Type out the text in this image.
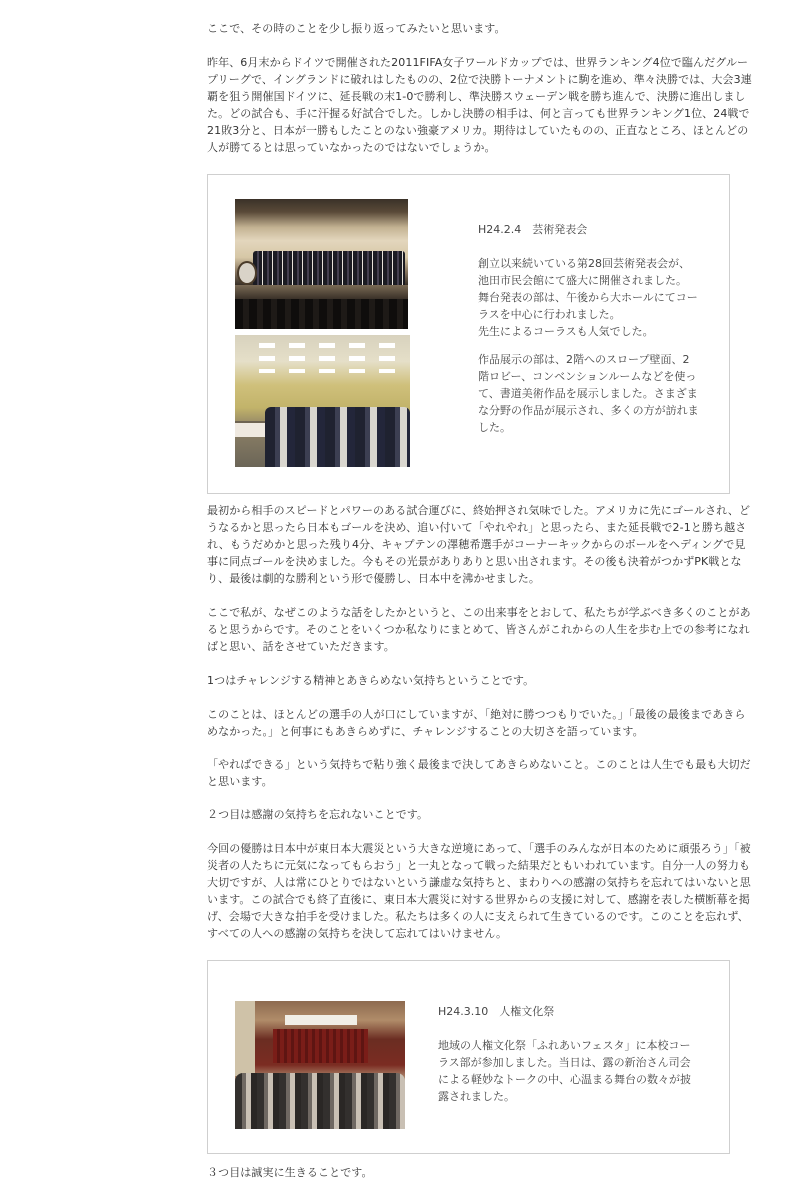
ここで、その時のことを少し振り返ってみたいと思います。

昨年、6月末からドイツで開催された2011FIFA女子ワールドカップでは、世界ランキング4位で臨んだグループリーグで、イングランドに破れはしたものの、2位で決勝トーナメントに駒を進め、準々決勝では、大会3連覇を狙う開催国ドイツに、延長戦の末1-0で勝利し、準決勝スウェーデン戦を勝ち進んで、決勝に進出しました。どの試合も、手に汗握る好試合でした。しかし決勝の相手は、何と言っても世界ランキング1位、24戦で21敗3分と、日本が一勝もしたことのない強豪アメリカ。期待はしていたものの、正直なところ、ほとんどの人が勝てるとは思っていなかったのではないでしょうか。

H24.2.4　芸術発表会
創立以来続いている第28回芸術発表会が、
池田市民会館にて盛大に開催されました。
舞台発表の部は、午後から大ホールにてコー
ラスを中心に行われました。
先生によるコーラスも人気でした。
作品展示の部は、2階へのスロープ壁面、2
階ロビー、コンベンションルームなどを使っ
て、書道美術作品を展示しました。さまざま
な分野の作品が展示され、多くの方が訪れま
した。

最初から相手のスピードとパワーのある試合運びに、終始押され気味でした。アメリカに先にゴールされ、どうなるかと思ったら日本もゴールを決め、追い付いて「やれやれ」と思ったら、また延長戦で2-1と勝ち越され、もうだめかと思った残り4分、キャプテンの澤穂希選手がコーナーキックからのボールをヘディングで見事に同点ゴールを決めました。今もその光景がありありと思い出されます。その後も決着がつかずPK戦となり、最後は劇的な勝利という形で優勝し、日本中を沸かせました。

ここで私が、なぜこのような話をしたかというと、この出来事をとおして、私たちが学ぶべき多くのことがあると思うからです。そのことをいくつか私なりにまとめて、皆さんがこれからの人生を歩む上での参考になればと思い、話をさせていただきます。

1つはチャレンジする精神とあきらめない気持ちということです。

このことは、ほとんどの選手の人が口にしていますが、「絶対に勝つつもりでいた。」「最後の最後まであきらめなかった。」と何事にもあきらめずに、チャレンジすることの大切さを語っています。

「やればできる」という気持ちで粘り強く最後まで決してあきらめないこと。このことは人生でも最も大切だと思います。

２つ目は感謝の気持ちを忘れないことです。

今回の優勝は日本中が東日本大震災という大きな逆境にあって、「選手のみんなが日本のために頑張ろう」「被災者の人たちに元気になってもらおう」と一丸となって戦った結果だともいわれています。自分一人の努力も大切ですが、人は常にひとりではないという謙虚な気持ちと、まわりへの感謝の気持ちを忘れてはいないと思います。この試合でも終了直後に、東日本大震災に対する世界からの支援に対して、感謝を表した横断幕を掲げ、会場で大きな拍手を受けました。私たちは多くの人に支えられて生きているのです。このことを忘れず、すべての人への感謝の気持ちを決して忘れてはいけません。

H24.3.10　人権文化祭
地域の人権文化祭「ふれあいフェスタ」に本校コー
ラス部が参加しました。当日は、露の新治さん司会
による軽妙なトークの中、心温まる舞台の数々が披
露されました。

３つ目は誠実に生きることです。
